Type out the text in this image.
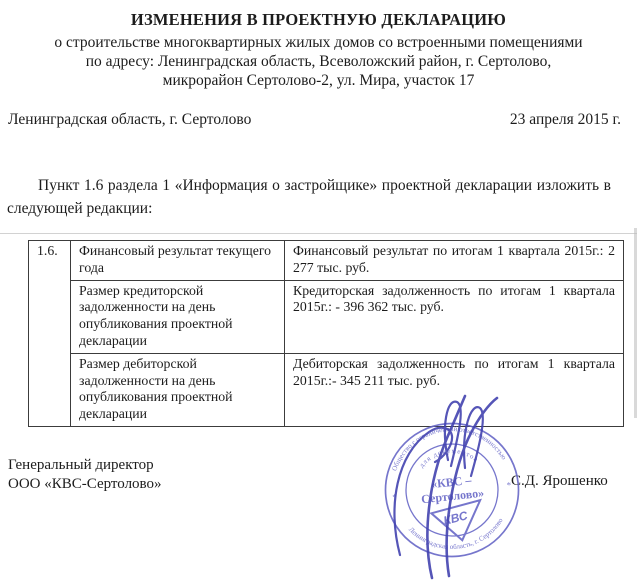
ИЗМЕНЕНИЯ В ПРОЕКТНУЮ ДЕКЛАРАЦИЮ
о строительстве многоквартирных жилых домов со встроенными помещениями
по адресу: Ленинградская область, Всеволожский район, г. Сертолово,
микрорайон Сертолово-2, ул. Мира, участок 17
Ленинградская область, г. Сертолово	23 апреля 2015 г.

Пункт 1.6 раздела 1 «Информация о застройщике» проектной декларации изложить в следующей редакции:

1.6.	Финансовый результат текущего года	Финансовый результат по итогам 1 квартала 2015г.: 2 277 тыс. руб.
	Размер кредиторской задолженности на день опубликования проектной декларации	Кредиторская задолженность по итогам 1 квартала 2015г.: - 396 362 тыс. руб.
	Размер дебиторской задолженности на день опубликования проектной декларации	Дебиторская задолженность по итогам 1 квартала 2015г.:- 345 211 тыс. руб.
Генеральный директор
ООО «КВС-Сертолово»	С.Д. Ярошенко
Общество с ограниченной ответственностью
Ленинградская область, г. Сертолово
для документов
*
*
«КВС –
Сертолово»
КВС
